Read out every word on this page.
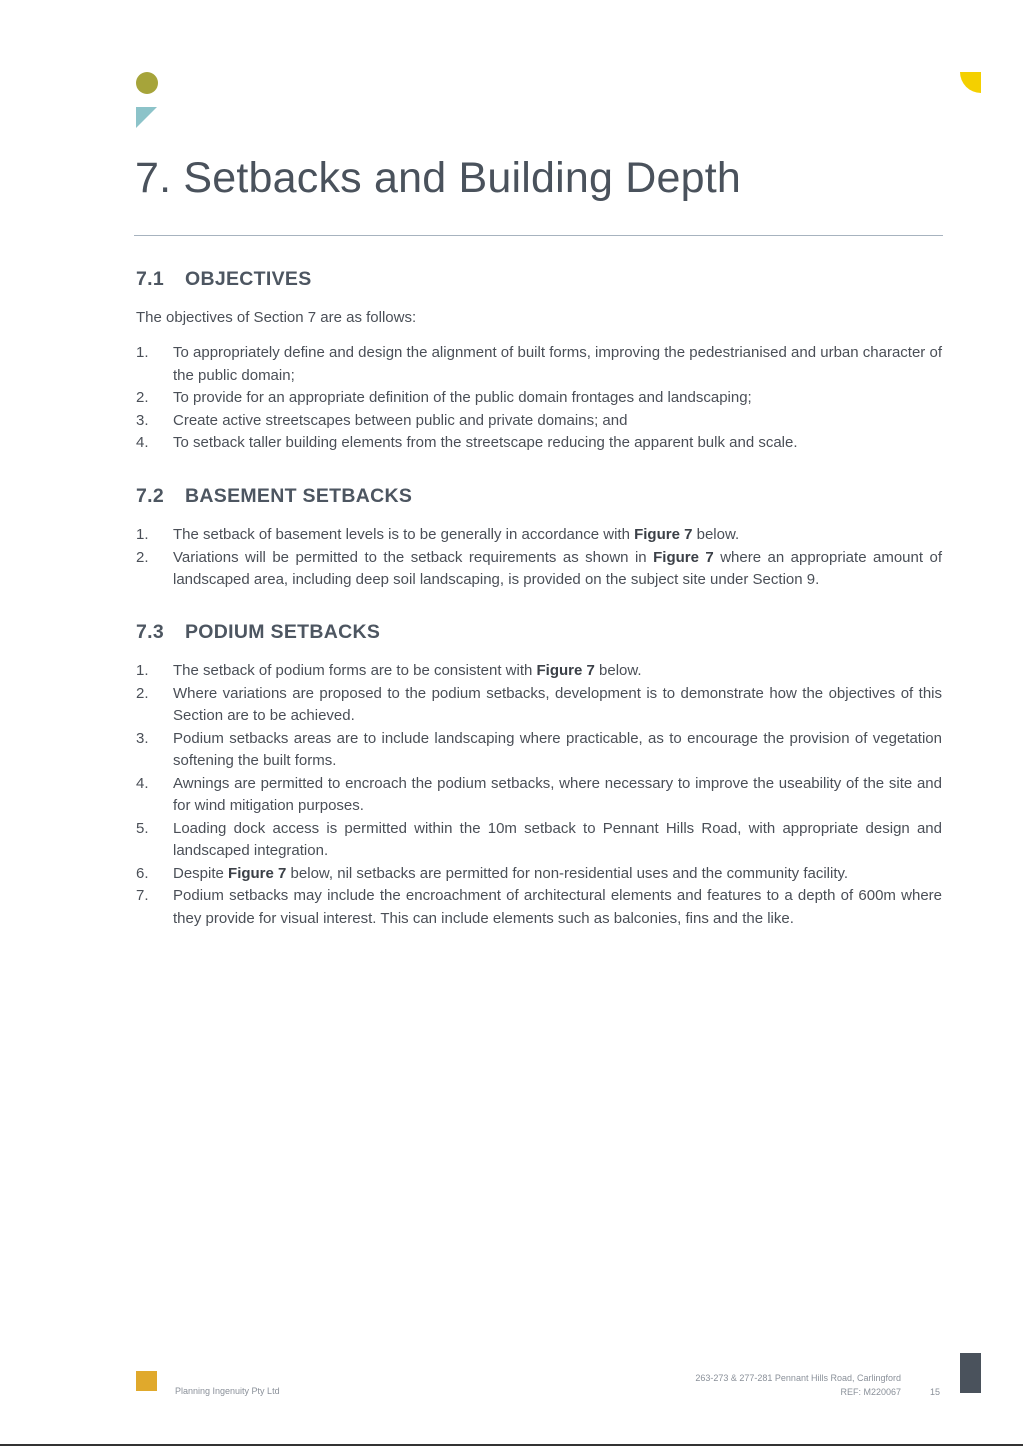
7. Setbacks and Building Depth
7.1 OBJECTIVES

The objectives of Section 7 are as follows:

1. To appropriately define and design the alignment of built forms, improving the pedestrianised and urban character of the public domain;
2. To provide for an appropriate definition of the public domain frontages and landscaping;
3. Create active streetscapes between public and private domains; and
4. To setback taller building elements from the streetscape reducing the apparent bulk and scale.
7.2 BASEMENT SETBACKS
1. The setback of basement levels is to be generally in accordance with Figure 7 below.
2. Variations will be permitted to the setback requirements as shown in Figure 7 where an appropriate amount of landscaped area, including deep soil landscaping, is provided on the subject site under Section 9.
7.3 PODIUM SETBACKS
1. The setback of podium forms are to be consistent with Figure 7 below.
2. Where variations are proposed to the podium setbacks, development is to demonstrate how the objectives of this Section are to be achieved.
3. Podium setbacks areas are to include landscaping where practicable, as to encourage the provision of vegetation softening the built forms.
4. Awnings are permitted to encroach the podium setbacks, where necessary to improve the useability of the site and for wind mitigation purposes.
5. Loading dock access is permitted within the 10m setback to Pennant Hills Road, with appropriate design and landscaped integration.
6. Despite Figure 7 below, nil setbacks are permitted for non-residential uses and the community facility.
7. Podium setbacks may include the encroachment of architectural elements and features to a depth of 600m where they provide for visual interest. This can include elements such as balconies, fins and the like.
Planning Ingenuity Pty Ltd
263-273 & 277-281 Pennant Hills Road, Carlingford
REF: M220067	15
